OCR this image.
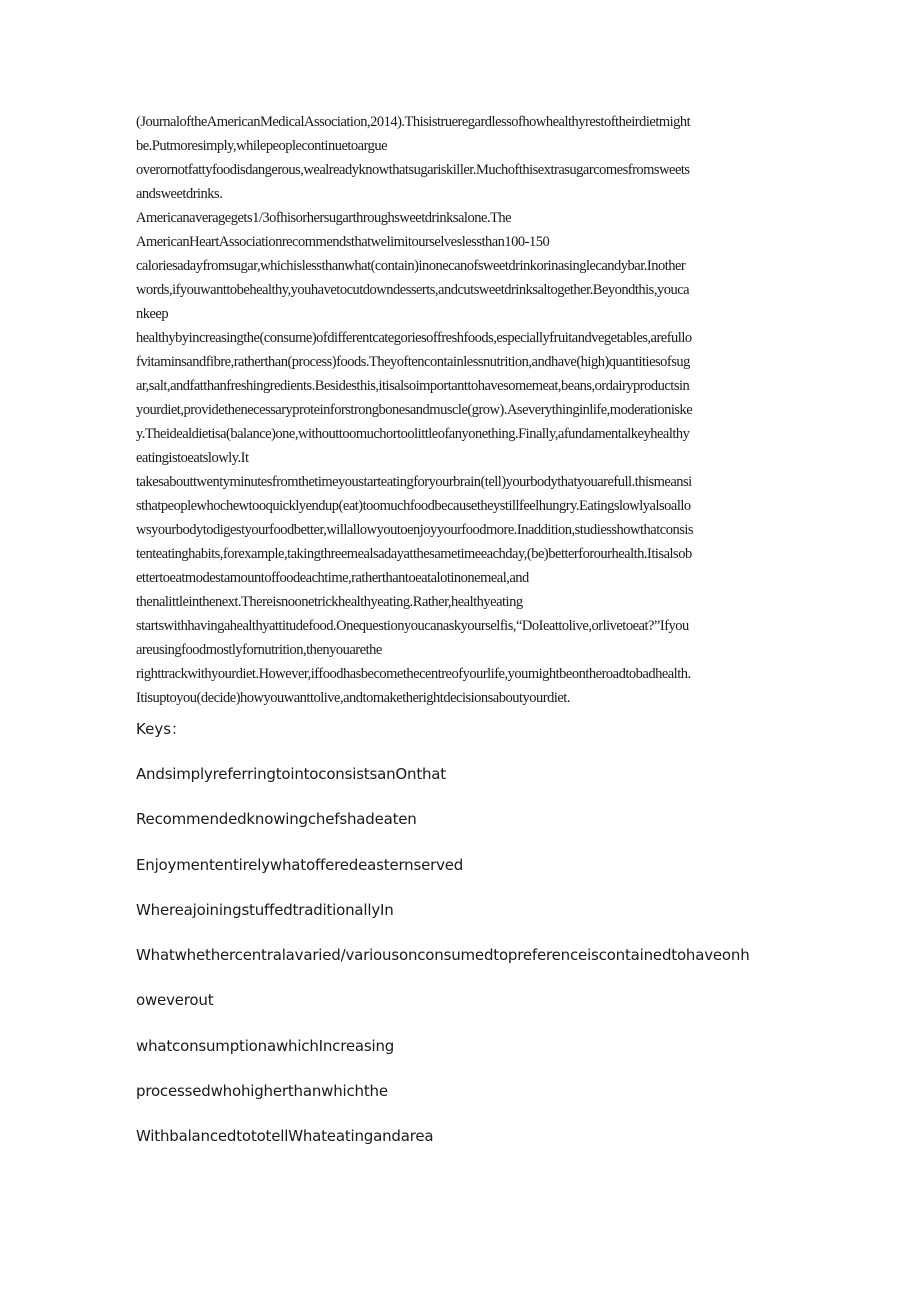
(JournaloftheAmericanMedicalAssociation,2014).Thisistrueregardlessofhowhealthyrestoftheirdietmight
be.Putmoresimply,whilepeoplecontinuetoargue
overornotfattyfoodisdangerous,wealreadyknowthatsugariskiller.Muchofthisextrasugarcomesfromsweets
andsweetdrinks.
Americanaveragegets1/3ofhisorhersugarthroughsweetdrinksalone.The
AmericanHeartAssociationrecommendsthatwelimitourselveslessthan100-150
caloriesadayfromsugar,whichislessthanwhat(contain)inonecanofsweetdrinkorinasinglecandybar.Inother
words,ifyouwanttobehealthy,youhavetocutdowndesserts,andcutsweetdrinksaltogether.Beyondthis,youca
nkeep
healthybyincreasingthe(consume)ofdifferentcategoriesoffreshfoods,especiallyfruitandvegetables,arefullo
fvitaminsandfibre,ratherthan(process)foods.Theyoftencontainlessnutrition,andhave(high)quantitiesofsug
ar,salt,andfatthanfreshingredients.Besidesthis,itisalsoimportanttohavesomemeat,beans,ordairyproductsin
yourdiet,providethenecessaryproteinforstrongbonesandmuscle(grow).Aseverythinginlife,moderationiske
y.Theidealdietisa(balance)one,withouttoomuchortoolittleofanyonething.Finally,afundamentalkeyhealthy
eatingistoeatslowly.It
takesabouttwentyminutesfromthetimeyoustarteatingforyourbrain(tell)yourbodythatyouarefull.thismeansi
sthatpeoplewhochewtooquicklyendup(eat)toomuchfoodbecausetheystillfeelhungry.Eatingslowlyalsoallo
wsyourbodytodigestyourfoodbetter,willallowyoutoenjoyyourfoodmore.Inaddition,studiesshowthatconsis
tenteatinghabits,forexample,takingthreemealsadayatthesametimeeachday,(be)betterforourhealth.Itisalsob
ettertoeatmodestamountoffoodeachtime,ratherthantoeatalotinonemeal,and
thenalittleinthenext.Thereisnoonetrickhealthyeating.Rather,healthyeating
startswithhavingahealthyattitudefood.Onequestionyoucanaskyourselfis,“DoIeattolive,orlivetoeat?”Ifyou
areusingfoodmostlyfornutrition,thenyouarethe
righttrackwithyourdiet.However,iffoodhasbecomethecentreofyourlife,youmightbeontheroadtobadhealth.
Itisuptoyou(decide)howyouwanttolive,andtomaketherightdecisionsaboutyourdiet.
Keys：
AndsimplyreferringtointoconsistsanOnthat
Recommendedknowingchefshadeaten
Enjoymententirelywhatofferedeasternserved
WhereajoiningstuffedtraditionallyIn
Whatwhethercentralavaried/variousonconsumedtopreferenceiscontainedtohaveonh
oweverout
whatconsumptionawhichIncreasing
processedwhohigherthanwhichthe
WithbalancedtototellWhateatingandarea
